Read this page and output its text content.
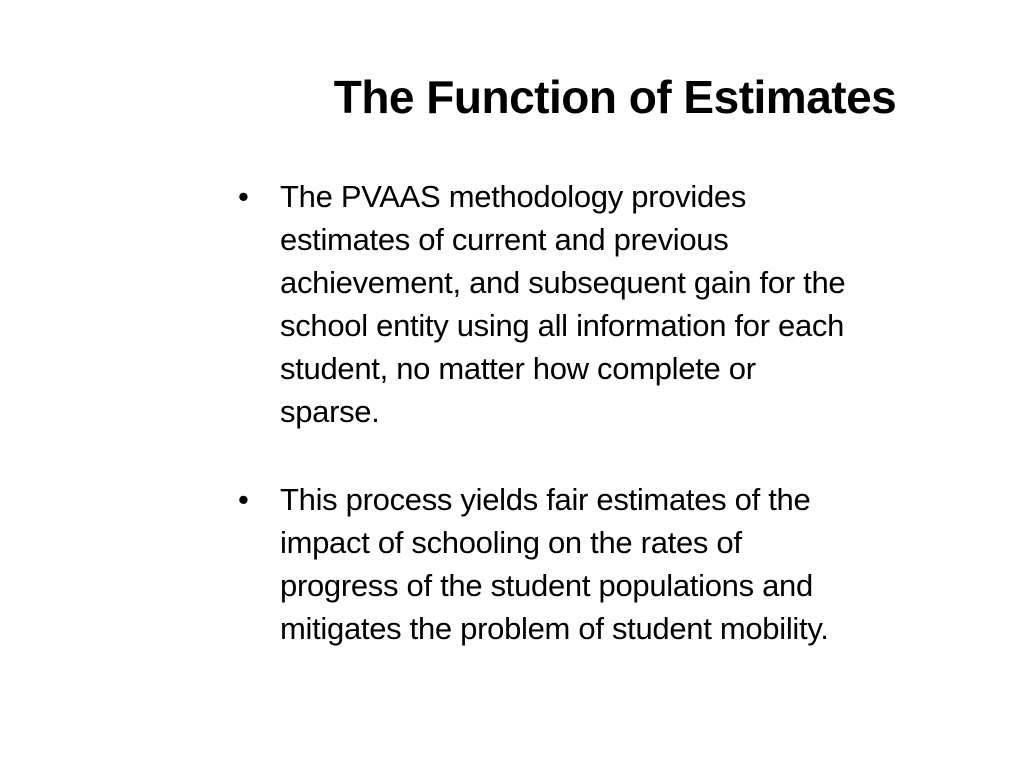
The Function of Estimates
•	The PVAAS methodology provides
estimates of current and previous
achievement, and subsequent gain for the
school entity using all information for each
student, no matter how complete or
sparse.
•	This process yields fair estimates of the
impact of schooling on the rates of
progress of the student populations and
mitigates the problem of student mobility.
